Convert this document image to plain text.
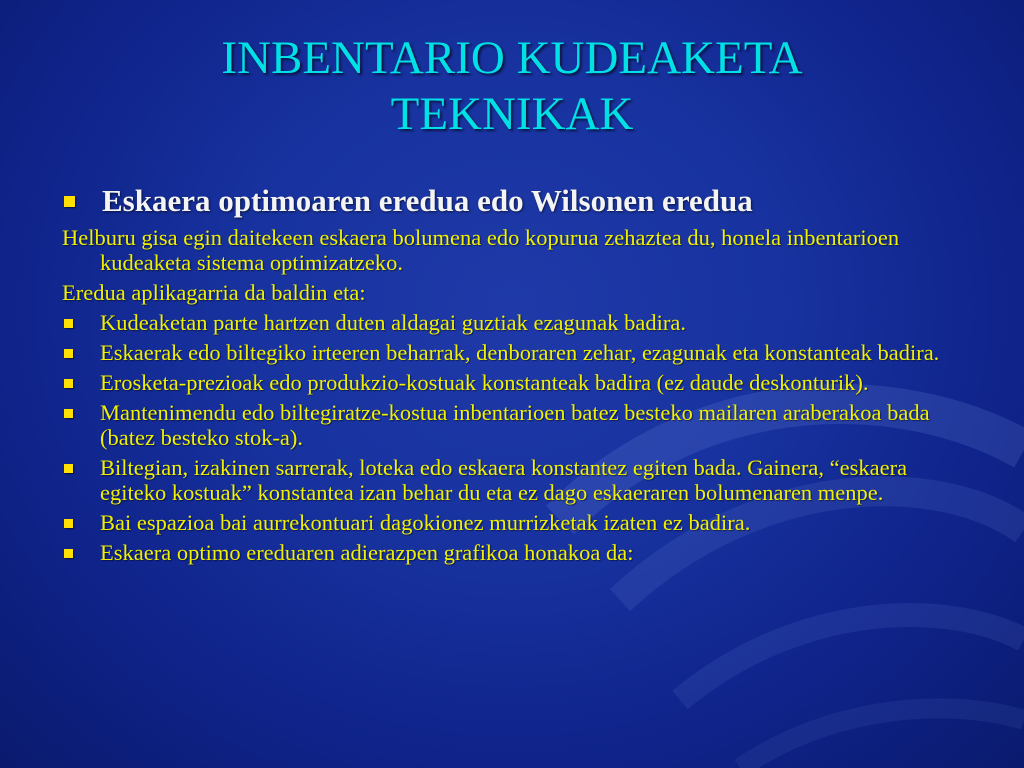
INBENTARIO KUDEAKETA
TEKNIKAK
Eskaera optimoaren eredua edo Wilsonen eredua
Helburu gisa egin daitekeen eskaera bolumena edo kopurua zehaztea du, honela inbentarioen kudeaketa sistema optimizatzeko.
Eredua aplikagarria da baldin eta:
Kudeaketan parte hartzen duten aldagai guztiak ezagunak badira.
Eskaerak edo biltegiko irteeren beharrak, denboraren zehar, ezagunak eta konstanteak badira.
Erosketa-prezioak edo produkzio-kostuak konstanteak badira (ez daude deskonturik).
Mantenimendu edo biltegiratze-kostua inbentarioen batez besteko mailaren araberakoa bada (batez besteko stok-a).
Biltegian, izakinen sarrerak, loteka edo eskaera konstantez egiten bada. Gainera, “eskaera egiteko kostuak” konstantea izan behar du eta ez dago eskaeraren bolumenaren menpe.
Bai espazioa bai aurrekontuari dagokionez murrizketak izaten ez badira.
Eskaera optimo ereduaren adierazpen grafikoa honakoa da:
